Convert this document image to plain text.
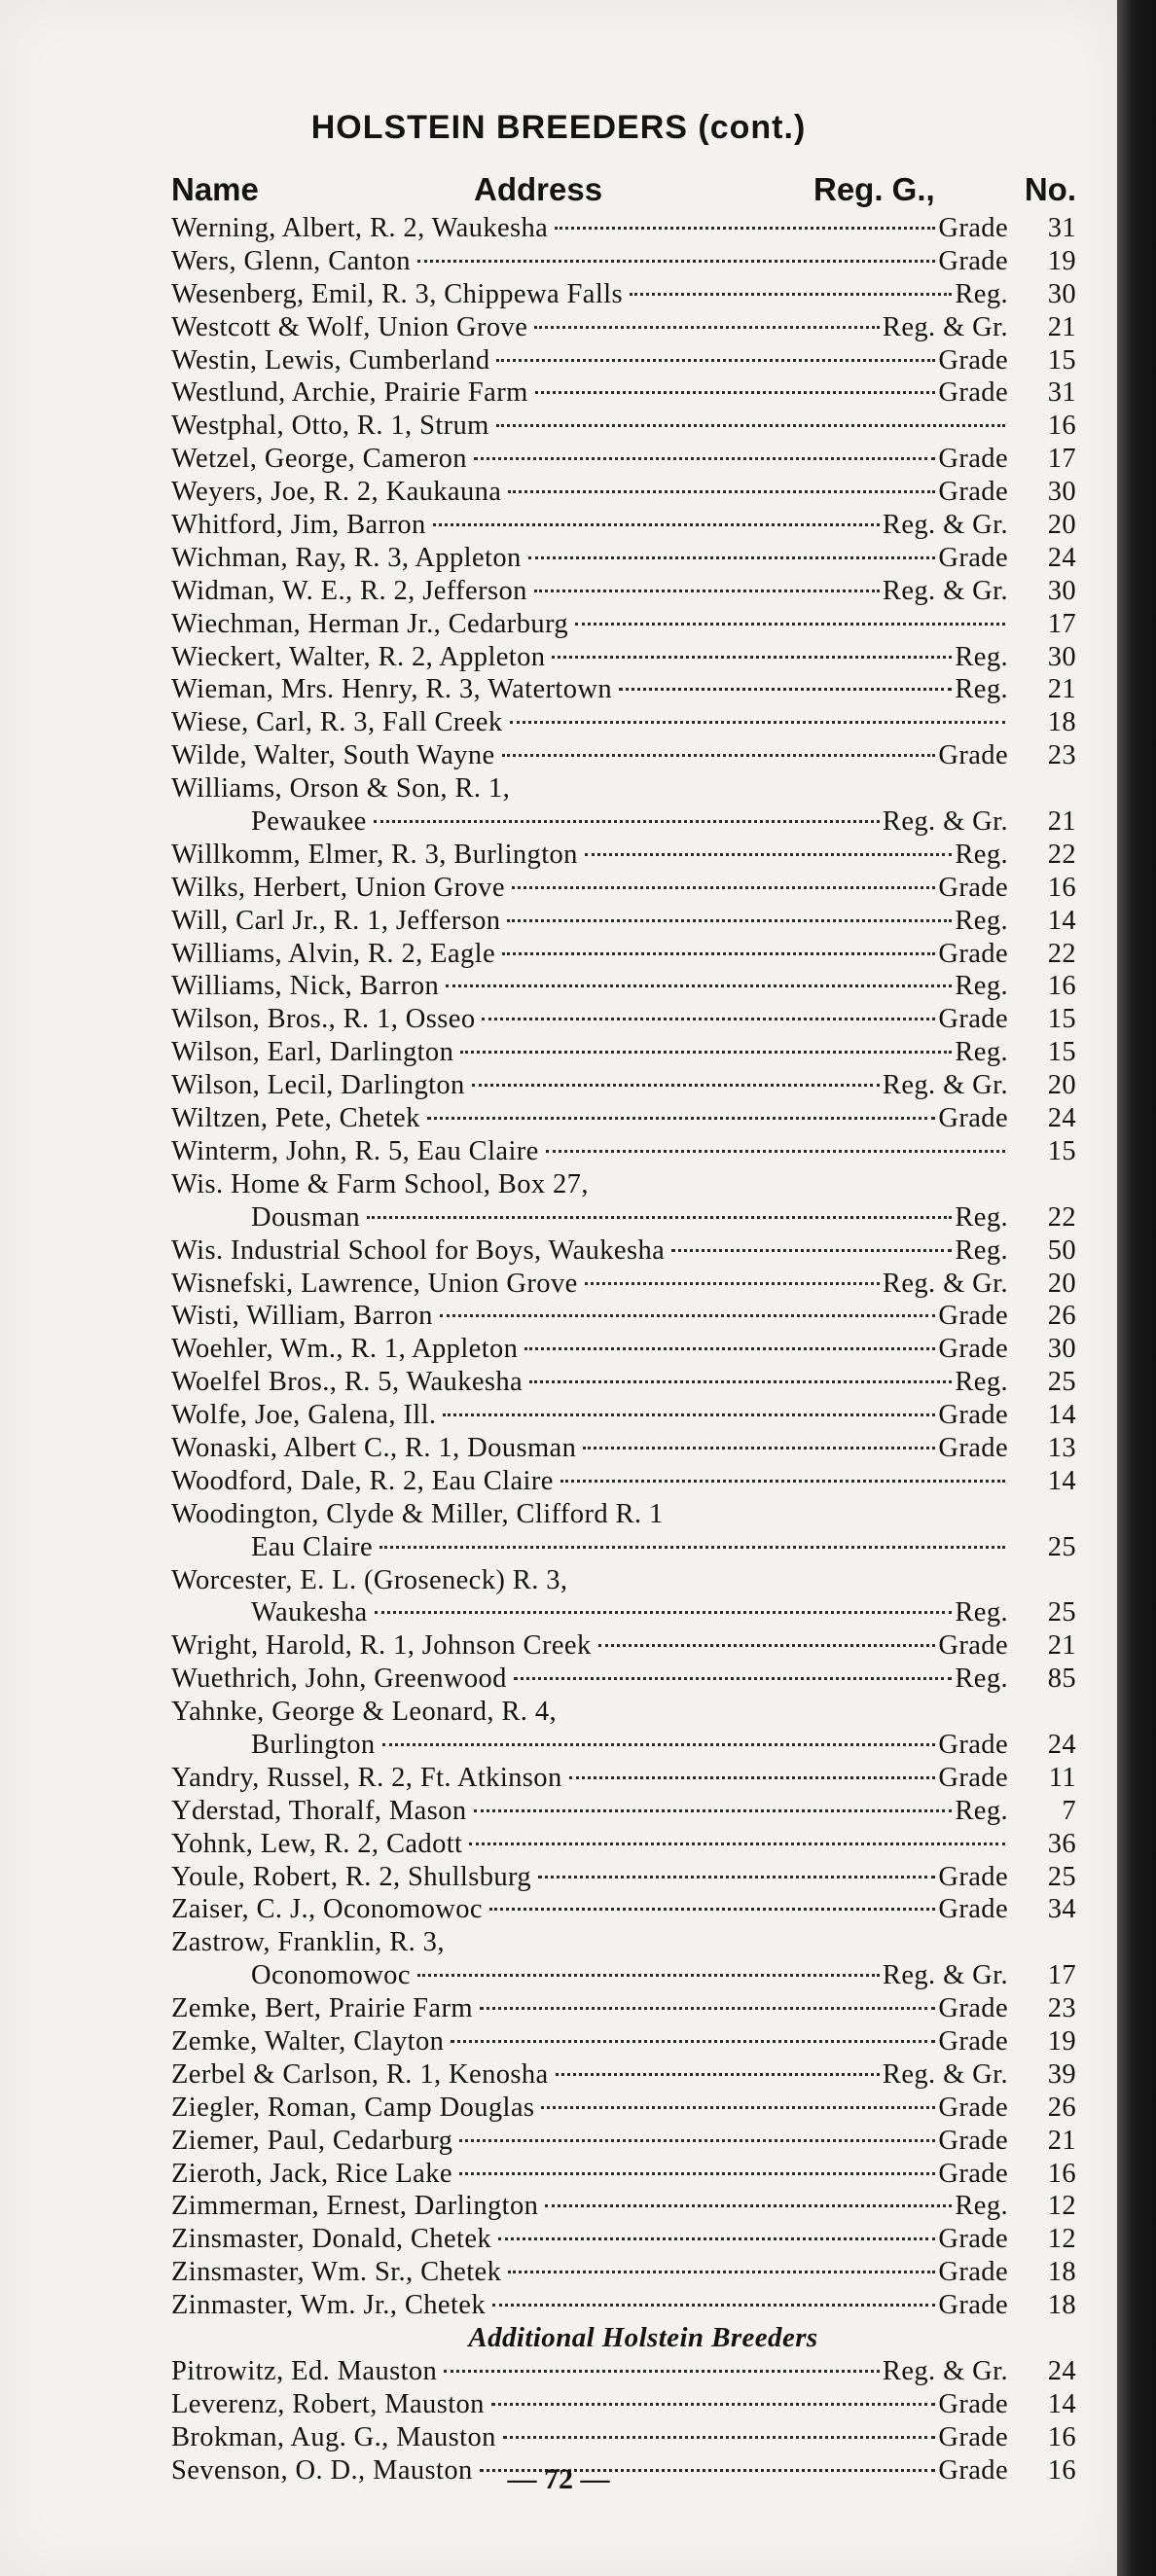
HOLSTEIN BREEDERS (cont.)
Name	Address	Reg. G.,	No.
Werning, Albert, R. 2, Waukesha	Grade 31
Wers, Glenn, Canton	Grade 19
Wesenberg, Emil, R. 3, Chippewa Falls	Reg. 30
Westcott & Wolf, Union Grove	Reg. & Gr. 21
Westin, Lewis, Cumberland	Grade 15
Westlund, Archie, Prairie Farm	Grade 31
Westphal, Otto, R. 1, Strum	16
Wetzel, George, Cameron	Grade 17
Weyers, Joe, R. 2, Kaukauna	Grade 30
Whitford, Jim, Barron	Reg. & Gr. 20
Wichman, Ray, R. 3, Appleton	Grade 24
Widman, W. E., R. 2, Jefferson	Reg. & Gr. 30
Wiechman, Herman Jr., Cedarburg	17
Wieckert, Walter, R. 2, Appleton	Reg. 30
Wieman, Mrs. Henry, R. 3, Watertown	Reg. 21
Wiese, Carl, R. 3, Fall Creek	18
Wilde, Walter, South Wayne	Grade 23
Williams, Orson & Son, R. 1,
Pewaukee	Reg. & Gr. 21
Willkomm, Elmer, R. 3, Burlington	Reg. 22
Wilks, Herbert, Union Grove	Grade 16
Will, Carl Jr., R. 1, Jefferson	Reg. 14
Williams, Alvin, R. 2, Eagle	Grade 22
Williams, Nick, Barron	Reg. 16
Wilson, Bros., R. 1, Osseo	Grade 15
Wilson, Earl, Darlington	Reg. 15
Wilson, Lecil, Darlington	Reg. & Gr. 20
Wiltzen, Pete, Chetek	Grade 24
Winterm, John, R. 5, Eau Claire	15
Wis. Home & Farm School, Box 27,
Dousman	Reg. 22
Wis. Industrial School for Boys, Waukesha	Reg. 50
Wisnefski, Lawrence, Union Grove	Reg. & Gr. 20
Wisti, William, Barron	Grade 26
Woehler, Wm., R. 1, Appleton	Grade 30
Woelfel Bros., R. 5, Waukesha	Reg. 25
Wolfe, Joe, Galena, Ill.	Grade 14
Wonaski, Albert C., R. 1, Dousman	Grade 13
Woodford, Dale, R. 2, Eau Claire	14
Woodington, Clyde & Miller, Clifford R. 1
Eau Claire	25
Worcester, E. L. (Groseneck) R. 3,
Waukesha	Reg. 25
Wright, Harold, R. 1, Johnson Creek	Grade 21
Wuethrich, John, Greenwood	Reg. 85
Yahnke, George & Leonard, R. 4,
Burlington	Grade 24
Yandry, Russel, R. 2, Ft. Atkinson	Grade 11
Yderstad, Thoralf, Mason	Reg. 7
Yohnk, Lew, R. 2, Cadott	36
Youle, Robert, R. 2, Shullsburg	Grade 25
Zaiser, C. J., Oconomowoc	Grade 34
Zastrow, Franklin, R. 3,
Oconomowoc	Reg. & Gr. 17
Zemke, Bert, Prairie Farm	Grade 23
Zemke, Walter, Clayton	Grade 19
Zerbel & Carlson, R. 1, Kenosha	Reg. & Gr. 39
Ziegler, Roman, Camp Douglas	Grade 26
Ziemer, Paul, Cedarburg	Grade 21
Zieroth, Jack, Rice Lake	Grade 16
Zimmerman, Ernest, Darlington	Reg. 12
Zinsmaster, Donald, Chetek	Grade 12
Zinsmaster, Wm. Sr., Chetek	Grade 18
Zinmaster, Wm. Jr., Chetek	Grade 18
Additional Holstein Breeders
Pitrowitz, Ed. Mauston	Reg. & Gr. 24
Leverenz, Robert, Mauston	Grade 14
Brokman, Aug. G., Mauston	Grade 16
Sevenson, O. D., Mauston	Grade 16
— 72 —
